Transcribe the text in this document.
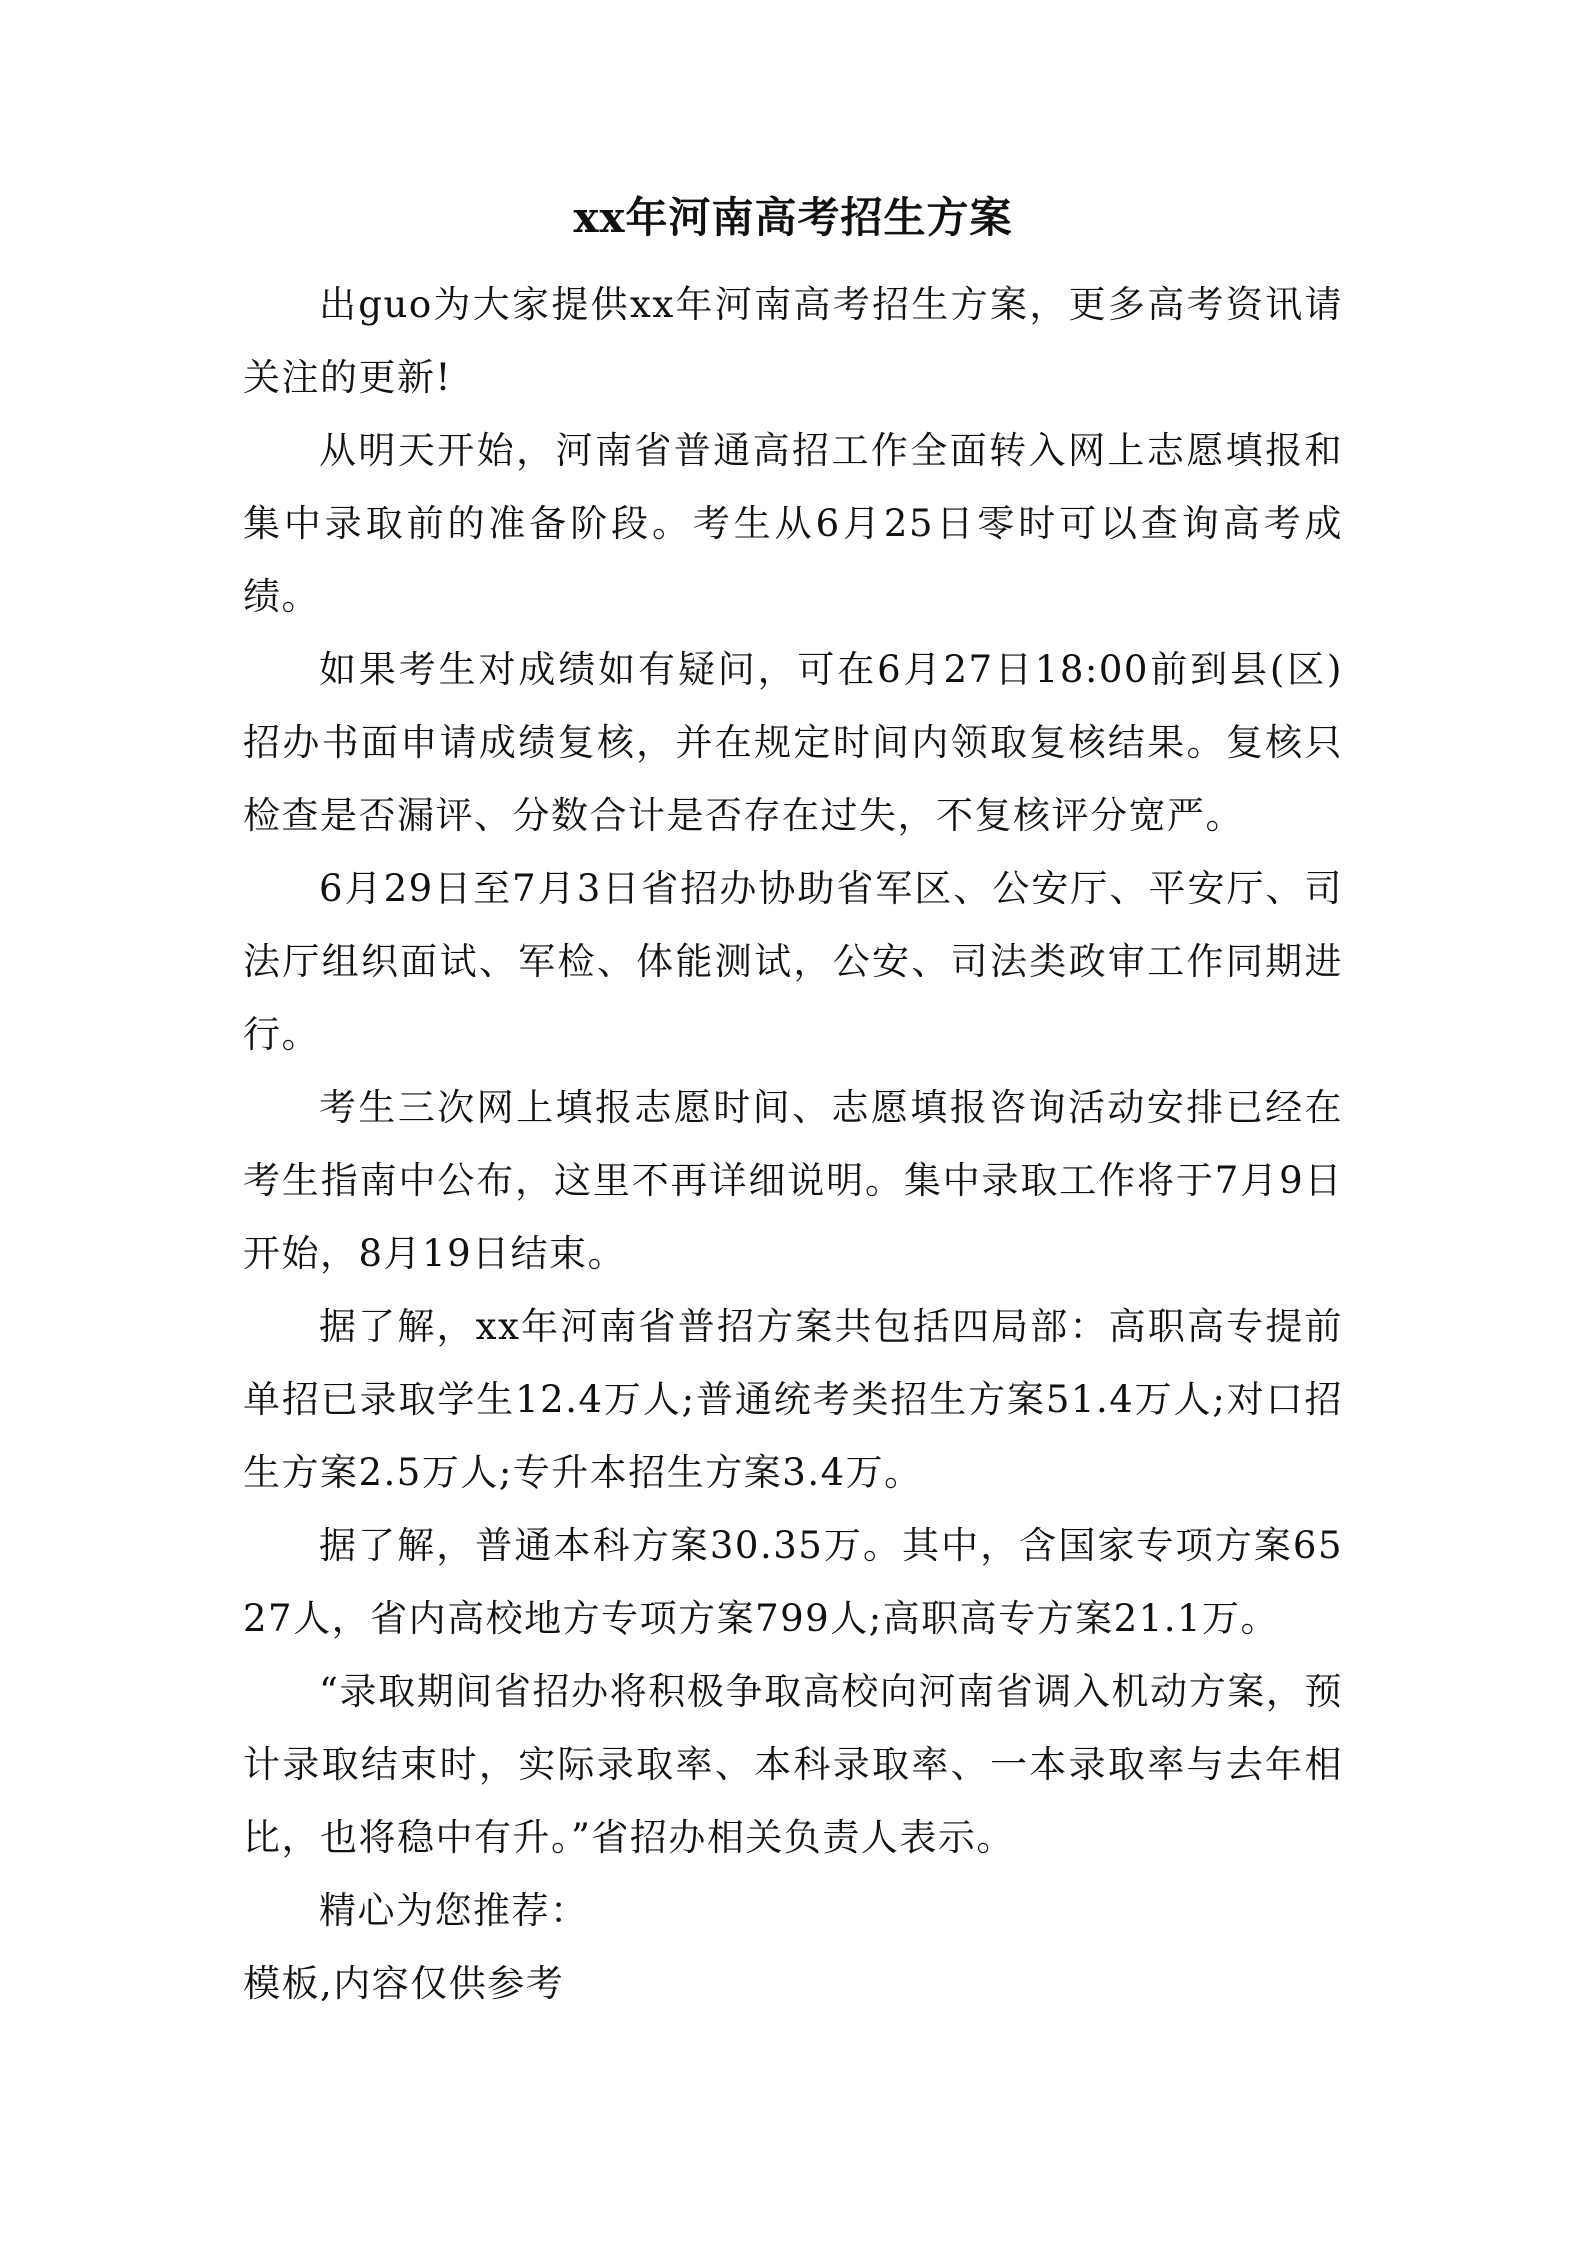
xx年河南高考招生方案

出guo为大家提供xx年河南高考招生方案，更多高考资讯请关注的更新!

从明天开始，河南省普通高招工作全面转入网上志愿填报和集中录取前的准备阶段。考生从6月25日零时可以查询高考成绩。

如果考生对成绩如有疑问，可在6月27日18:00前到县(区)招办书面申请成绩复核，并在规定时间内领取复核结果。复核只检查是否漏评、分数合计是否存在过失，不复核评分宽严。

6月29日至7月3日省招办协助省军区、公安厅、平安厅、司法厅组织面试、军检、体能测试，公安、司法类政审工作同期进行。

考生三次网上填报志愿时间、志愿填报咨询活动安排已经在考生指南中公布，这里不再详细说明。集中录取工作将于7月9日开始，8月19日结束。

据了解，xx年河南省普招方案共包括四局部：高职高专提前单招已录取学生12.4万人;普通统考类招生方案51.4万人;对口招生方案2.5万人;专升本招生方案3.4万。

据了解，普通本科方案30.35万。其中，含国家专项方案6527人，省内高校地方专项方案799人;高职高专方案21.1万。

“录取期间省招办将积极争取高校向河南省调入机动方案，预计录取结束时，实际录取率、本科录取率、一本录取率与去年相比，也将稳中有升。”省招办相关负责人表示。

精心为您推荐：

模板,内容仅供参考
